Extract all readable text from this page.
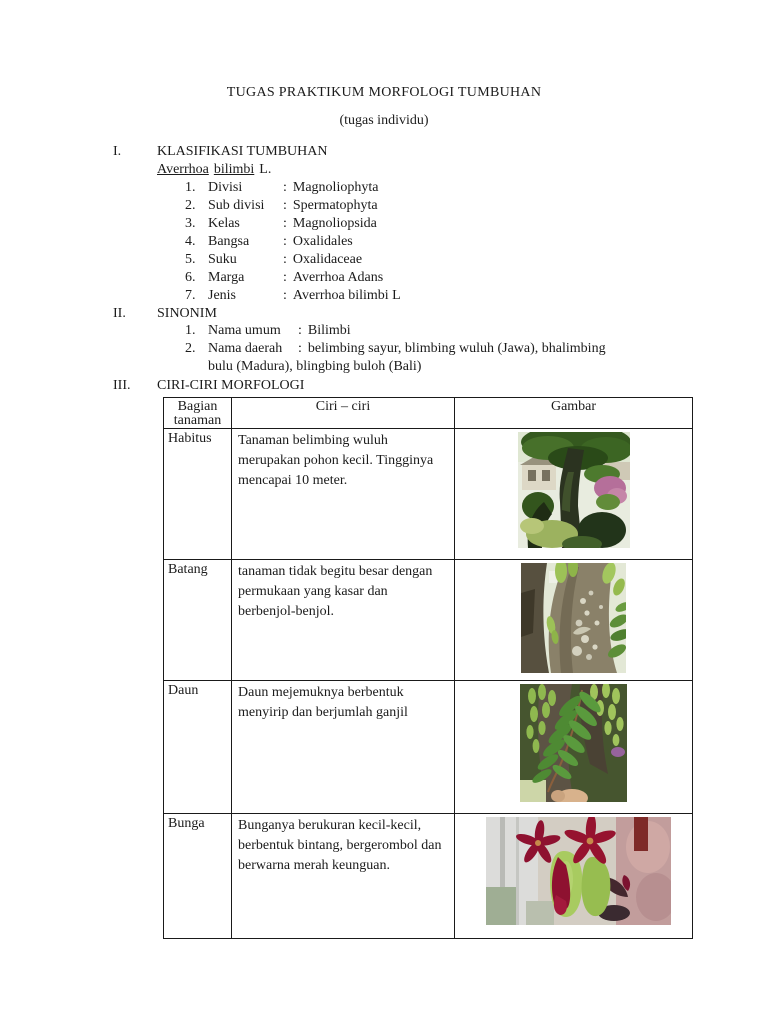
TUGAS PRAKTIKUM MORFOLOGI TUMBUHAN
(tugas individu)
I.	KLASIFIKASI TUMBUHAN
Averrhoa bilimbi L.
1. Divisi	: Magnoliophyta
2. Sub divisi : Spermatophyta
3. Kelas	: Magnoliopsida
4. Bangsa : Oxalidales
5. Suku	: Oxalidaceae
6. Marga	: Averrhoa Adans
7. Jenis	: Averrhoa bilimbi L
II. SINONIM
1. Nama umum : Bilimbi
2. Nama daerah : belimbing sayur, blimbing wuluh (Jawa), bhalimbing
bulu (Madura), blingbing buloh (Bali)
III. CIRI-CIRI MORFOLOGI
Bagian tanaman	Ciri – ciri	Gambar
Habitus	Tanaman belimbing wuluh merupakan pohon kecil. Tingginya mencapai 10 meter.	
Batang	tanaman tidak begitu besar dengan permukaan yang kasar dan berbenjol-benjol.	
Daun	Daun mejemuknya berbentuk menyirip dan berjumlah ganjil	
Bunga	Bunganya berukuran kecil-kecil, berbentuk bintang, bergerombol dan berwarna merah keunguan.	
